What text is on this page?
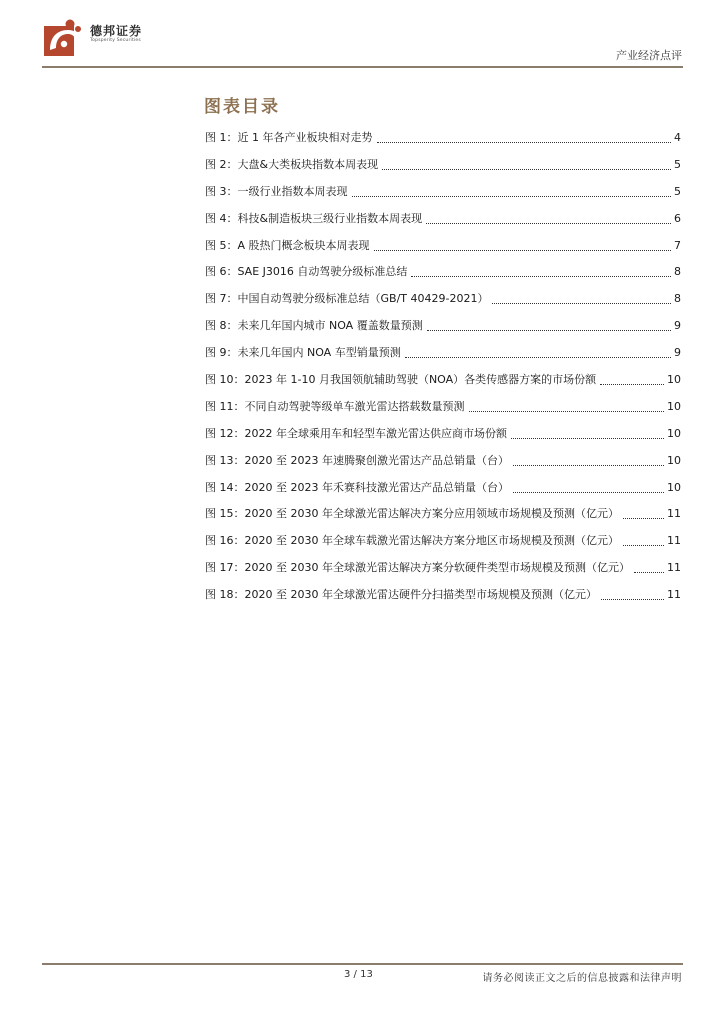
德邦证券
Topsperity Securities
产业经济点评
图表目录
图 1：近 1 年各产业板块相对走势	4
图 2：大盘&大类板块指数本周表现	5
图 3：一级行业指数本周表现	5
图 4：科技&制造板块三级行业指数本周表现	6
图 5：A 股热门概念板块本周表现	7
图 6：SAE J3016 自动驾驶分级标准总结	8
图 7：中国自动驾驶分级标准总结（GB/T 40429-2021）	8
图 8：未来几年国内城市 NOA 覆盖数量预测	9
图 9：未来几年国内 NOA 车型销量预测	9
图 10：2023 年 1-10 月我国领航辅助驾驶（NOA）各类传感器方案的市场份额	10
图 11：不同自动驾驶等级单车激光雷达搭载数量预测	10
图 12：2022 年全球乘用车和轻型车激光雷达供应商市场份额	10
图 13：2020 至 2023 年速腾聚创激光雷达产品总销量（台）	10
图 14：2020 至 2023 年禾赛科技激光雷达产品总销量（台）	10
图 15：2020 至 2030 年全球激光雷达解决方案分应用领域市场规模及预测（亿元）	11
图 16：2020 至 2030 年全球车载激光雷达解决方案分地区市场规模及预测（亿元）	11
图 17：2020 至 2030 年全球激光雷达解决方案分软硬件类型市场规模及预测（亿元）	11
图 18：2020 至 2030 年全球激光雷达硬件分扫描类型市场规模及预测（亿元）	11
3 / 13	请务必阅读正文之后的信息披露和法律声明
